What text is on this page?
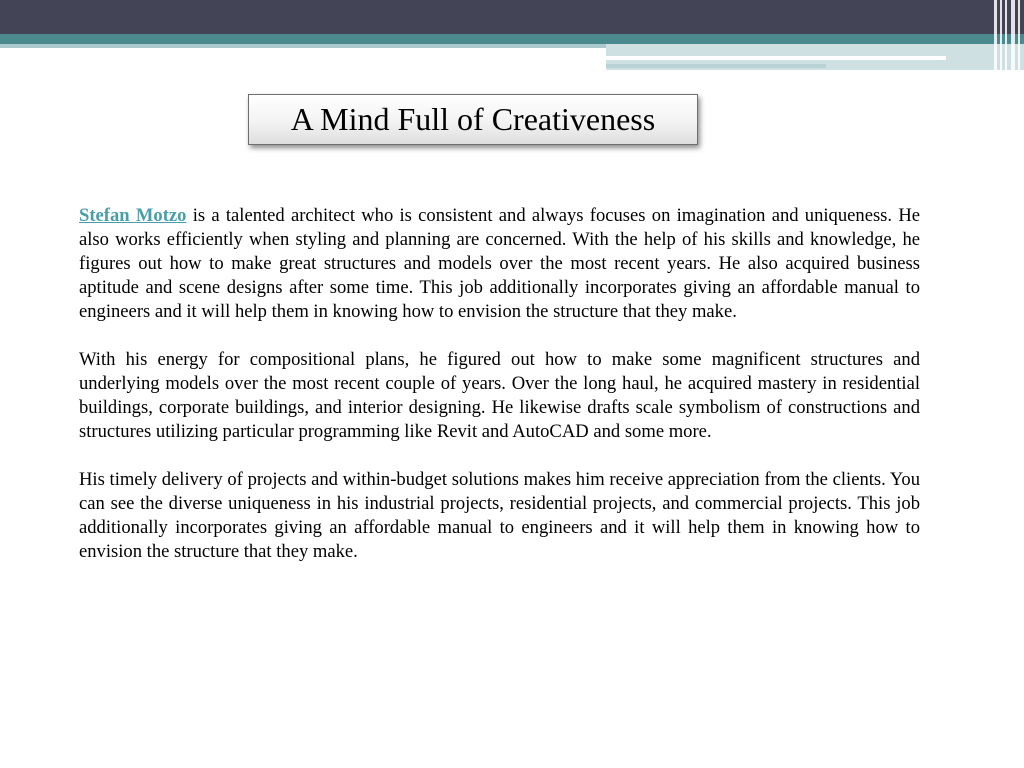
A Mind Full of Creativeness

Stefan Motzo is a talented architect who is consistent and always focuses on imagination and uniqueness. He also works efficiently when styling and planning are concerned. With the help of his skills and knowledge, he figures out how to make great structures and models over the most recent years. He also acquired business aptitude and scene designs after some time. This job additionally incorporates giving an affordable manual to engineers and it will help them in knowing how to envision the structure that they make.

With his energy for compositional plans, he figured out how to make some magnificent structures and underlying models over the most recent couple of years. Over the long haul, he acquired mastery in residential buildings, corporate buildings, and interior designing. He likewise drafts scale symbolism of constructions and structures utilizing particular programming like Revit and AutoCAD and some more.

His timely delivery of projects and within-budget solutions makes him receive appreciation from the clients. You can see the diverse uniqueness in his industrial projects, residential projects, and commercial projects. This job additionally incorporates giving an affordable manual to engineers and it will help them in knowing how to envision the structure that they make.
